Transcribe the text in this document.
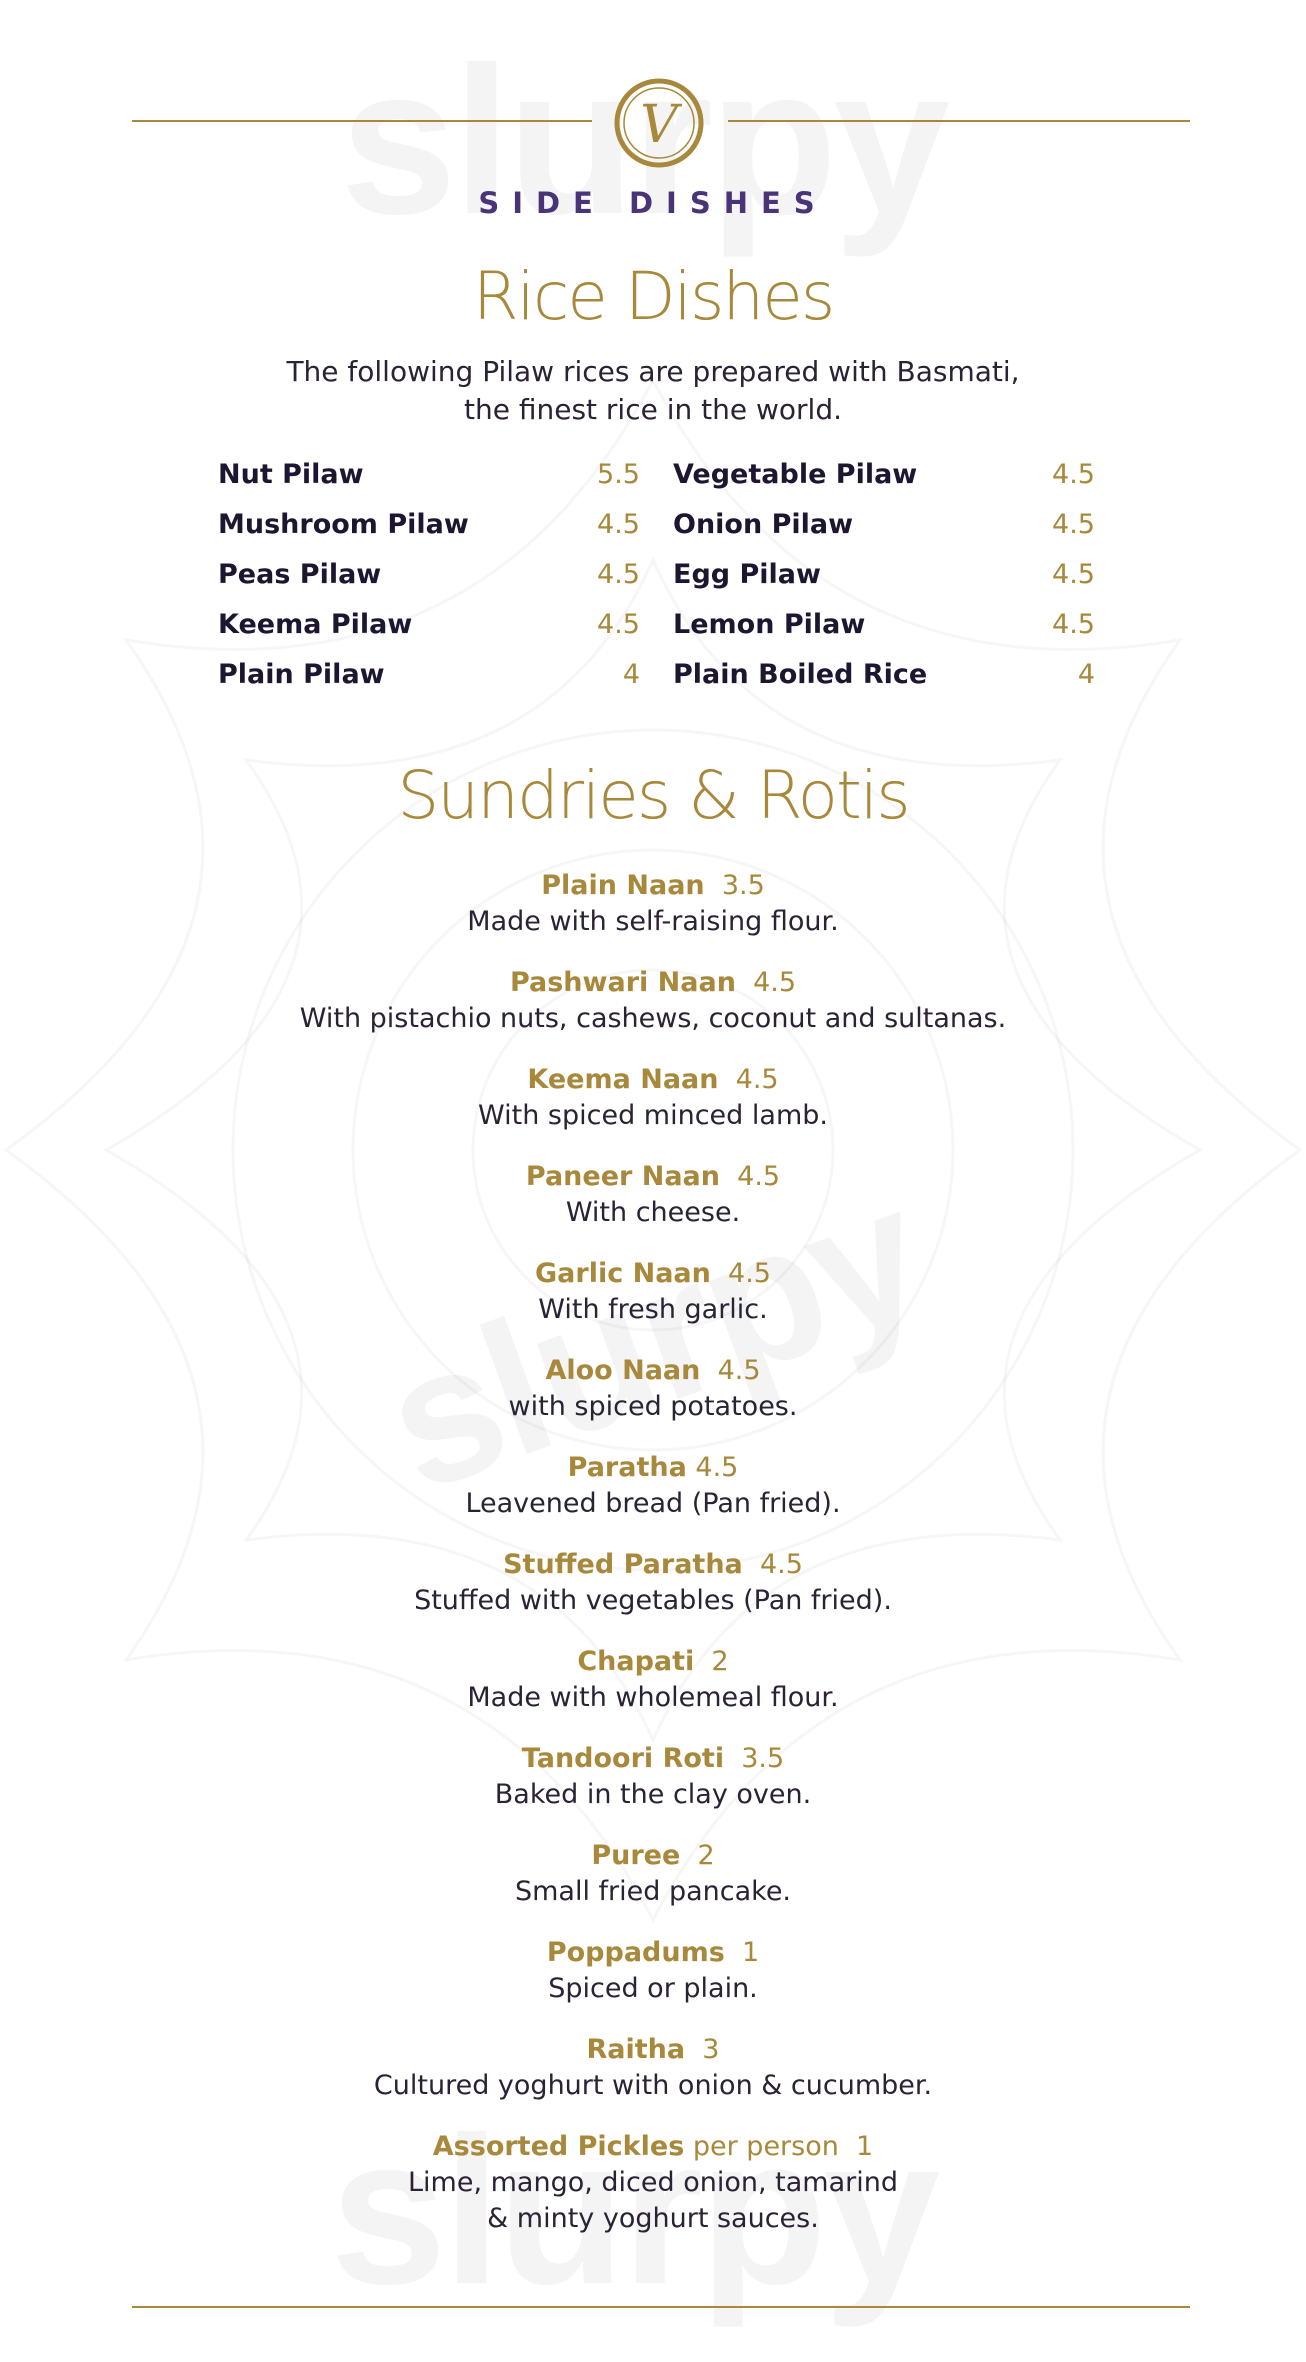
V
SIDE DISHES
Rice Dishes
The following Pilaw rices are prepared with Basmati,
the finest rice in the world.
Nut Pilaw	5.5
Mushroom Pilaw	4.5
Peas Pilaw	4.5
Keema Pilaw	4.5
Plain Pilaw	4
Vegetable Pilaw	4.5
Onion Pilaw	4.5
Egg Pilaw	4.5
Lemon Pilaw	4.5
Plain Boiled Rice	4
Sundries & Rotis
Plain Naan 3.5
Made with self-raising flour.
Pashwari Naan 4.5
With pistachio nuts, cashews, coconut and sultanas.
Keema Naan 4.5
With spiced minced lamb.
Paneer Naan 4.5
With cheese.
Garlic Naan 4.5
With fresh garlic.
Aloo Naan 4.5
with spiced potatoes.
Paratha 4.5
Leavened bread (Pan fried).
Stuffed Paratha 4.5
Stuffed with vegetables (Pan fried).
Chapati 2
Made with wholemeal flour.
Tandoori Roti 3.5
Baked in the clay oven.
Puree 2
Small fried pancake.
Poppadums 1
Spiced or plain.
Raitha 3
Cultured yoghurt with onion & cucumber.
Assorted Pickles per person 1
Lime, mango, diced onion, tamarind
& minty yoghurt sauces.
